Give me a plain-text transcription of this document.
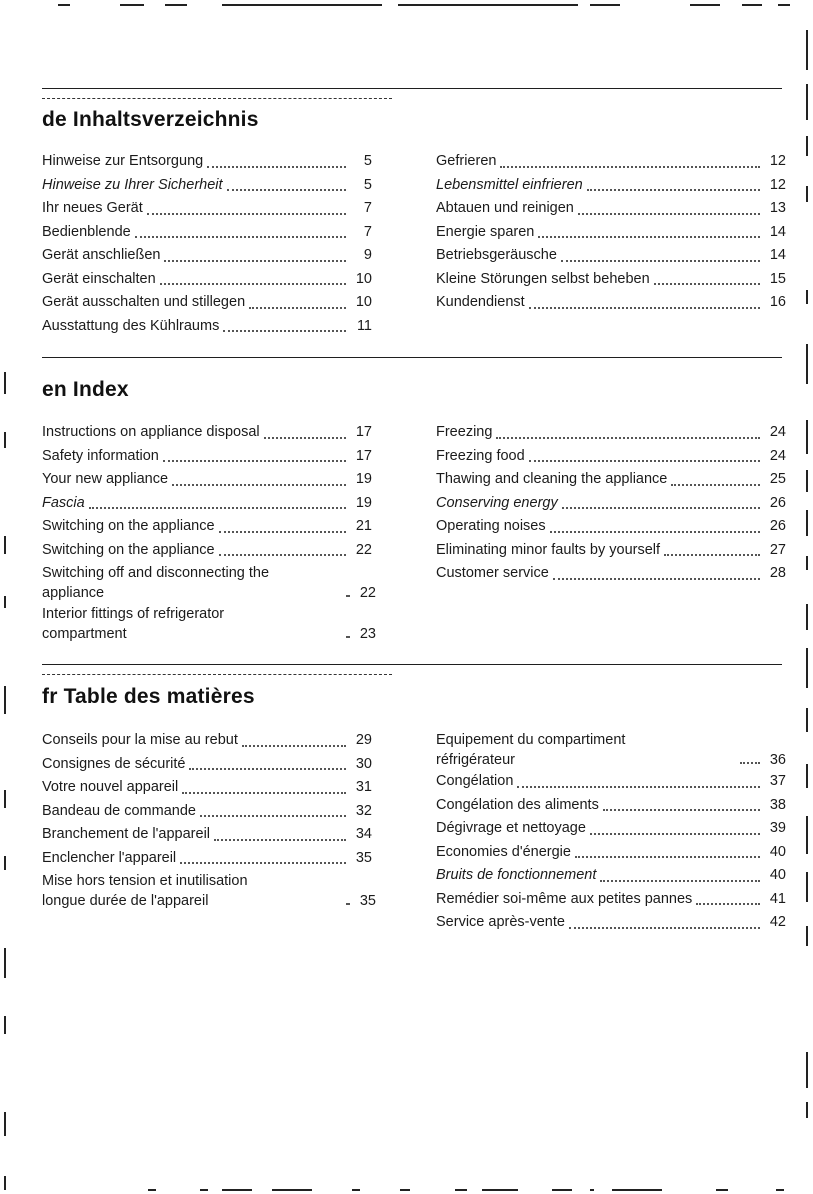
de Inhaltsverzeichnis
Hinweise zur Entsorgung	5
Hinweise zu Ihrer Sicherheit	5
Ihr neues Gerät	7
Bedienblende	7
Gerät anschließen	9
Gerät einschalten	10
Gerät ausschalten und stillegen	10
Ausstattung des Kühlraums	11
Gefrieren	12
Lebensmittel einfrieren	12
Abtauen und reinigen	13
Energie sparen	14
Betriebsgeräusche	14
Kleine Störungen selbst beheben	15
Kundendienst	16
en Index
Instructions on appliance disposal	17
Safety information	17
Your new appliance	19
Fascia	19
Switching on the appliance	21
Switching on the appliance	22
Switching off and disconnecting the
appliance	22
Interior fittings of refrigerator
compartment	23
Freezing	24
Freezing food	24
Thawing and cleaning the appliance	25
Conserving energy	26
Operating noises	26
Eliminating minor faults by yourself	27
Customer service	28
fr Table des matières
Conseils pour la mise au rebut	29
Consignes de sécurité	30
Votre nouvel appareil	31
Bandeau de commande	32
Branchement de l'appareil	34
Enclencher l'appareil	35
Mise hors tension et inutilisation
longue durée de l'appareil	35
Equipement du compartiment
réfrigérateur	36
Congélation	37
Congélation des aliments	38
Dégivrage et nettoyage	39
Economies d'énergie	40
Bruits de fonctionnement	40
Remédier soi-même aux petites pannes	41
Service après-vente	42
